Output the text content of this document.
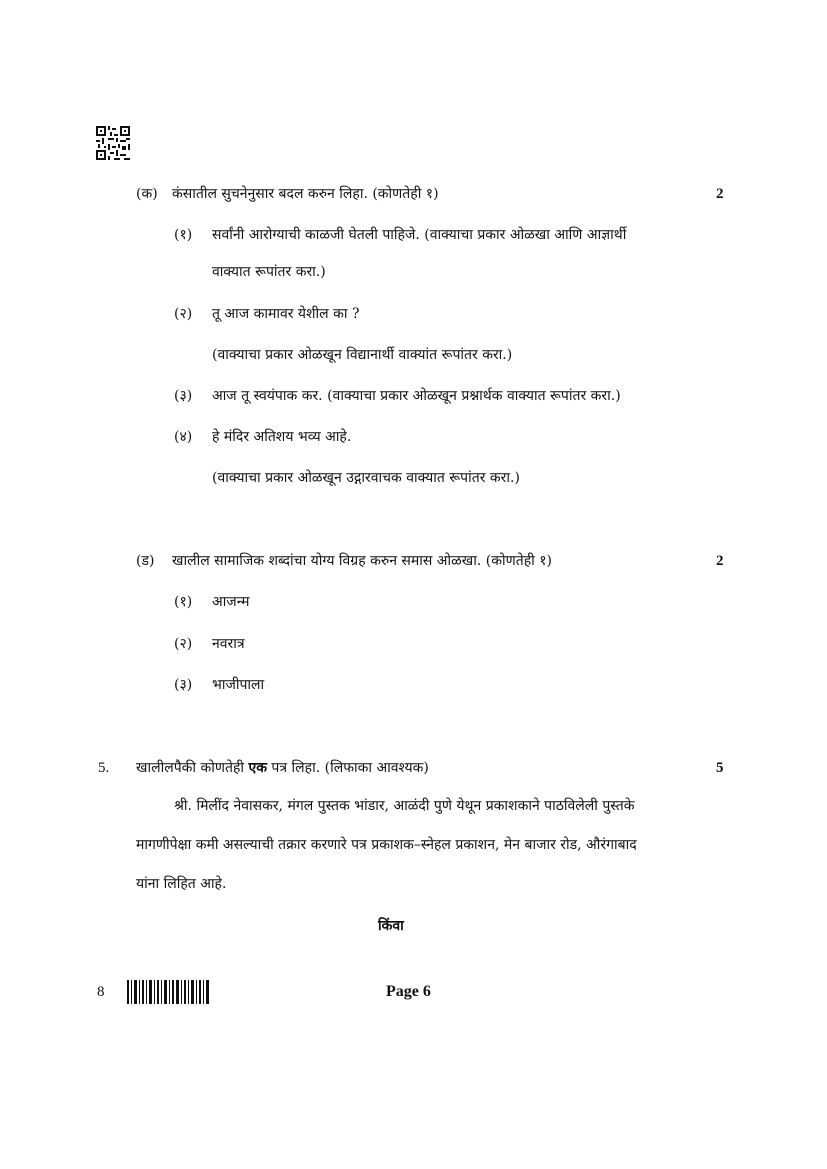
(क) कंसातील सुचनेनुसार बदल करुन लिहा. (कोणतेही १)	2
(१) सर्वांनी आरोग्याची काळजी घेतली पाहिजे. (वाक्याचा प्रकार ओळखा आणि आज्ञार्थी
वाक्यात रूपांतर करा.)
(२) तू आज कामावर येशील का ?
(वाक्याचा प्रकार ओळखून विद्यानार्थी वाक्यांत रूपांतर करा.)
(३) आज तू स्वयंपाक कर. (वाक्याचा प्रकार ओळखून प्रश्नार्थक वाक्यात रूपांतर करा.)
(४) हे मंदिर अतिशय भव्य आहे.
(वाक्याचा प्रकार ओळखून उद्गारवाचक वाक्यात रूपांतर करा.)
(ड) खालील सामाजिक शब्दांचा योग्य विग्रह करुन समास ओळखा. (कोणतेही १)	2
(१) आजन्म
(२) नवरात्र
(३) भाजीपाला
5. खालीलपैकी कोणतेही एक पत्र लिहा. (लिफाका आवश्यक)	5
श्री. मिलींद नेवासकर, मंगल पुस्तक भांडार, आळंदी पुणे येथून प्रकाशकाने पाठविलेली पुस्तके
मागणीपेक्षा कमी असल्याची तक्रार करणारे पत्र प्रकाशक–स्नेहल प्रकाशन, मेन बाजार रोड, औरंगाबाद
यांना लिहित आहे.
किंवा
8	Page 6
